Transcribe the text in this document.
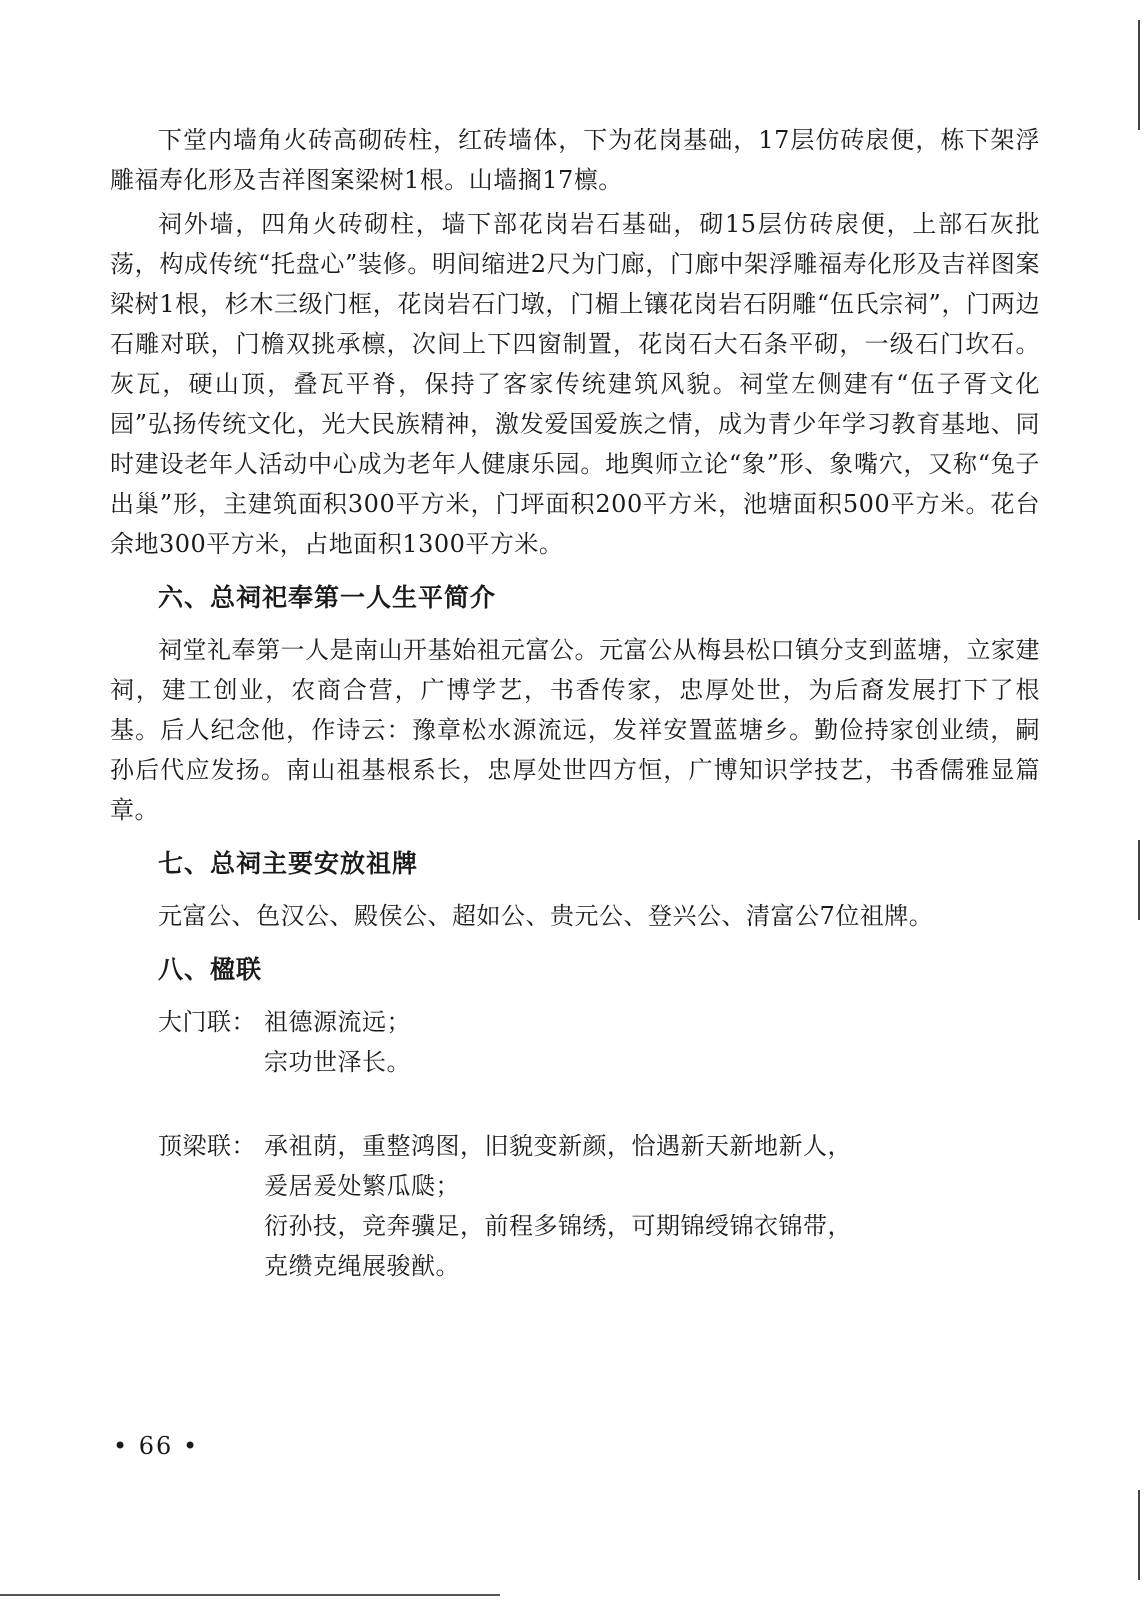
下堂内墙角火砖高砌砖柱，红砖墙体，下为花岗基础，17层仿砖扆便，栋下架浮雕福寿化形及吉祥图案梁树1根。山墙搁17檩。

祠外墙，四角火砖砌柱，墙下部花岗岩石基础，砌15层仿砖扆便，上部石灰批荡，构成传统“托盘心”装修。明间缩进2尺为门廊，门廊中架浮雕福寿化形及吉祥图案梁树1根，杉木三级门框，花岗岩石门墩，门楣上镶花岗岩石阴雕“伍氏宗祠”，门两边石雕对联，门檐双挑承檩，次间上下四窗制置，花岗石大石条平砌，一级石门坎石。灰瓦，硬山顶，叠瓦平脊，保持了客家传统建筑风貌。祠堂左侧建有“伍子胥文化园”弘扬传统文化，光大民族精神，激发爱国爱族之情，成为青少年学习教育基地、同时建设老年人活动中心成为老年人健康乐园。地舆师立论“象”形、象嘴穴，又称“兔子出巢”形，主建筑面积300平方米，门坪面积200平方米，池塘面积500平方米。花台余地300平方米，占地面积1300平方米。

六、总祠祀奉第一人生平简介

祠堂礼奉第一人是南山开基始祖元富公。元富公从梅县松口镇分支到蓝塘，立家建祠，建工创业，农商合营，广博学艺，书香传家，忠厚处世，为后裔发展打下了根基。后人纪念他，作诗云：豫章松水源流远，发祥安置蓝塘乡。勤俭持家创业绩，嗣孙后代应发扬。南山祖基根系长，忠厚处世四方恒，广博知识学技艺，书香儒雅显篇章。

七、总祠主要安放祖牌
元富公、色汉公、殿侯公、超如公、贵元公、登兴公、清富公7位祖牌。
八、楹联
大门联： 祖德源流远；
宗功世泽长。
顶梁联： 承祖荫，重整鸿图，旧貌变新颜，恰遇新天新地新人，
爰居爰处繁瓜瓞；
衍孙技，竞奔骥足，前程多锦绣，可期锦绶锦衣锦带，
克缵克绳展骏猷。
• 66 •
